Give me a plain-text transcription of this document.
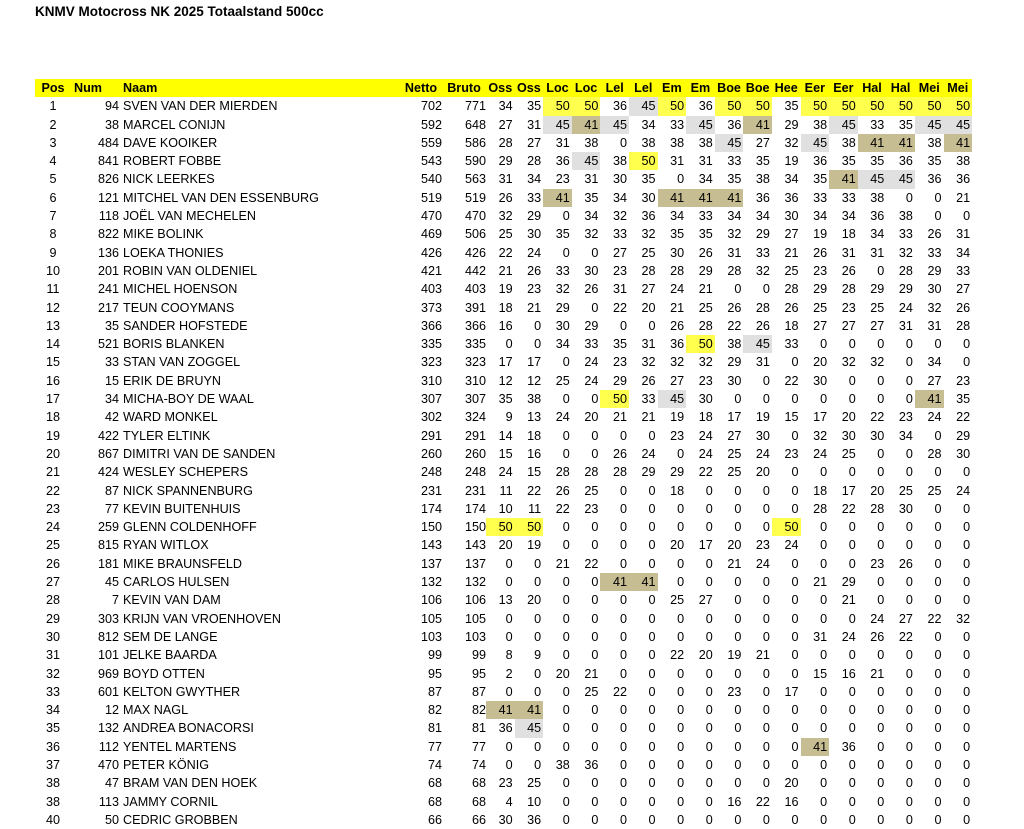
KNMV Motocross NK 2025 Totaalstand 500cc
Pos	Num	Naam	Netto	Bruto	Oss	Oss	Loc	Loc	Lel	Lel	Em	Em	Boe	Boe	Hee	Eer	Eer	Hal	Hal	Mei	Mei
1	94	SVEN VAN DER MIERDEN	702	771	34	35	50	50	36	45	50	36	50	50	35	50	50	50	50	50	50
2	38	MARCEL CONIJN	592	648	27	31	45	41	45	34	33	45	36	41	29	38	45	33	35	45	45
3	484	DAVE KOOIKER	559	586	28	27	31	38	0	38	38	38	45	27	32	45	38	41	41	38	41
4	841	ROBERT FOBBE	543	590	29	28	36	45	38	50	31	31	33	35	19	36	35	35	36	35	38
5	826	NICK LEERKES	540	563	31	34	23	31	30	35	0	34	35	38	34	35	41	45	45	36	36
6	121	MITCHEL VAN DEN ESSENBURG	519	519	26	33	41	35	34	30	41	41	41	36	36	33	33	38	0	0	21
7	118	JOËL VAN MECHELEN	470	470	32	29	0	34	32	36	34	33	34	34	30	34	34	36	38	0	0
8	822	MIKE BOLINK	469	506	25	30	35	32	33	32	35	35	32	29	27	19	18	34	33	26	31
9	136	LOEKA THONIES	426	426	22	24	0	0	27	25	30	26	31	33	21	26	31	31	32	33	34
10	201	ROBIN VAN OLDENIEL	421	442	21	26	33	30	23	28	28	29	28	32	25	23	26	0	28	29	33
11	241	MICHEL HOENSON	403	403	19	23	32	26	31	27	24	21	0	0	28	29	28	29	29	30	27
12	217	TEUN COOYMANS	373	391	18	21	29	0	22	20	21	25	26	28	26	25	23	25	24	32	26
13	35	SANDER HOFSTEDE	366	366	16	0	30	29	0	0	26	28	22	26	18	27	27	27	31	31	28
14	521	BORIS BLANKEN	335	335	0	0	34	33	35	31	36	50	38	45	33	0	0	0	0	0	0
15	33	STAN VAN ZOGGEL	323	323	17	17	0	24	23	32	32	32	29	31	0	20	32	32	0	34	0
16	15	ERIK DE BRUYN	310	310	12	12	25	24	29	26	27	23	30	0	22	30	0	0	0	27	23
17	34	MICHA-BOY DE WAAL	307	307	35	38	0	0	50	33	45	30	0	0	0	0	0	0	0	41	35
18	42	WARD MONKEL	302	324	9	13	24	20	21	21	19	18	17	19	15	17	20	22	23	24	22
19	422	TYLER ELTINK	291	291	14	18	0	0	0	0	23	24	27	30	0	32	30	30	34	0	29
20	867	DIMITRI VAN DE SANDEN	260	260	15	16	0	0	26	24	0	24	25	24	23	24	25	0	0	28	30
21	424	WESLEY SCHEPERS	248	248	24	15	28	28	28	29	29	22	25	20	0	0	0	0	0	0	0
22	87	NICK SPANNENBURG	231	231	11	22	26	25	0	0	18	0	0	0	0	18	17	20	25	25	24
23	77	KEVIN BUITENHUIS	174	174	10	11	22	23	0	0	0	0	0	0	0	28	22	28	30	0	0
24	259	GLENN COLDENHOFF	150	150	50	50	0	0	0	0	0	0	0	0	50	0	0	0	0	0	0
25	815	RYAN WITLOX	143	143	20	19	0	0	0	0	20	17	20	23	24	0	0	0	0	0	0
26	181	MIKE BRAUNSFELD	137	137	0	0	21	22	0	0	0	0	21	24	0	0	0	23	26	0	0
27	45	CARLOS HULSEN	132	132	0	0	0	0	41	41	0	0	0	0	0	21	29	0	0	0	0
28	7	KEVIN VAN DAM	106	106	13	20	0	0	0	0	25	27	0	0	0	0	21	0	0	0	0
29	303	KRIJN VAN VROENHOVEN	105	105	0	0	0	0	0	0	0	0	0	0	0	0	0	24	27	22	32
30	812	SEM DE LANGE	103	103	0	0	0	0	0	0	0	0	0	0	0	31	24	26	22	0	0
31	101	JELKE BAARDA	99	99	8	9	0	0	0	0	22	20	19	21	0	0	0	0	0	0	0
32	969	BOYD OTTEN	95	95	2	0	20	21	0	0	0	0	0	0	0	15	16	21	0	0	0
33	601	KELTON GWYTHER	87	87	0	0	0	25	22	0	0	0	23	0	17	0	0	0	0	0	0
34	12	MAX NAGL	82	82	41	41	0	0	0	0	0	0	0	0	0	0	0	0	0	0	0
35	132	ANDREA BONACORSI	81	81	36	45	0	0	0	0	0	0	0	0	0	0	0	0	0	0	0
36	112	YENTEL MARTENS	77	77	0	0	0	0	0	0	0	0	0	0	0	41	36	0	0	0	0
37	470	PETER KÖNIG	74	74	0	0	38	36	0	0	0	0	0	0	0	0	0	0	0	0	0
38	47	BRAM VAN DEN HOEK	68	68	23	25	0	0	0	0	0	0	0	0	20	0	0	0	0	0	0
38	113	JAMMY CORNIL	68	68	4	10	0	0	0	0	0	0	16	22	16	0	0	0	0	0	0
40	50	CEDRIC GROBBEN	66	66	30	36	0	0	0	0	0	0	0	0	0	0	0	0	0	0	0
